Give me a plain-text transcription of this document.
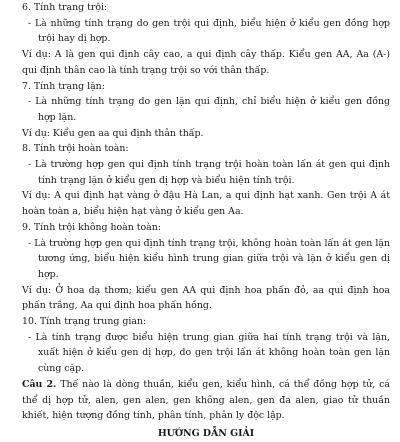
6. Tính trạng trội:

- Là những tính trạng do gen trội qui định, biểu hiện ở kiểu gen đồng hợp trội hay dị hợp.

Ví dụ: A là gen qui định cây cao, a qui định cây thấp. Kiểu gen AA, Aa (A-) qui định thân cao là tính trạng trội so với thân thấp.

7. Tính trạng lặn:

- Là những tính trạng do gen lặn qui định, chỉ biểu hiện ở kiểu gen đồng hợp lặn.

Ví dụ: Kiểu gen aa qui định thân thấp.

8. Tính trội hoàn toàn:

- Là trường hợp gen qui định tính trạng trội hoàn toàn lấn át gen qui định tính trạng lặn ở kiểu gen dị hợp và biểu hiện tính trội.

Ví dụ: A qui định hạt vàng ở đậu Hà Lan, a qui định hạt xanh. Gen trội A át hoàn toàn a, biểu hiện hạt vàng ở kiểu gen Aa.

9. Tính trội không hoàn toàn:

- Là trường hợp gen qui định tính trạng trội, không hoàn toàn lấn át gen lặn tương ứng, biểu hiện kiểu hình trung gian giữa trội và lặn ở kiểu gen dị hợp.

Ví dụ: Ở hoa dạ thơm; kiểu gen AA qui định hoa phấn đỏ, aa qui định hoa phấn trắng, Aa qui định hoa phấn hồng.

10. Tính trạng trung gian:

- Là tính trạng được biểu hiện trung gian giữa hai tính trạng trội và lặn, xuất hiện ở kiểu gen dị hợp, do gen trội lấn át không hoàn toàn gen lặn cùng cặp.

Câu 2. Thế nào là dòng thuần, kiểu gen, kiểu hình, cá thể đồng hợp tử, cá thể dị hợp tử, alen, gen alen, gen không alen, gen đa alen, giao tử thuần khiết, hiện tượng đồng tính, phân tính, phân ly độc lập.

HƯỚNG DẪN GIẢI
